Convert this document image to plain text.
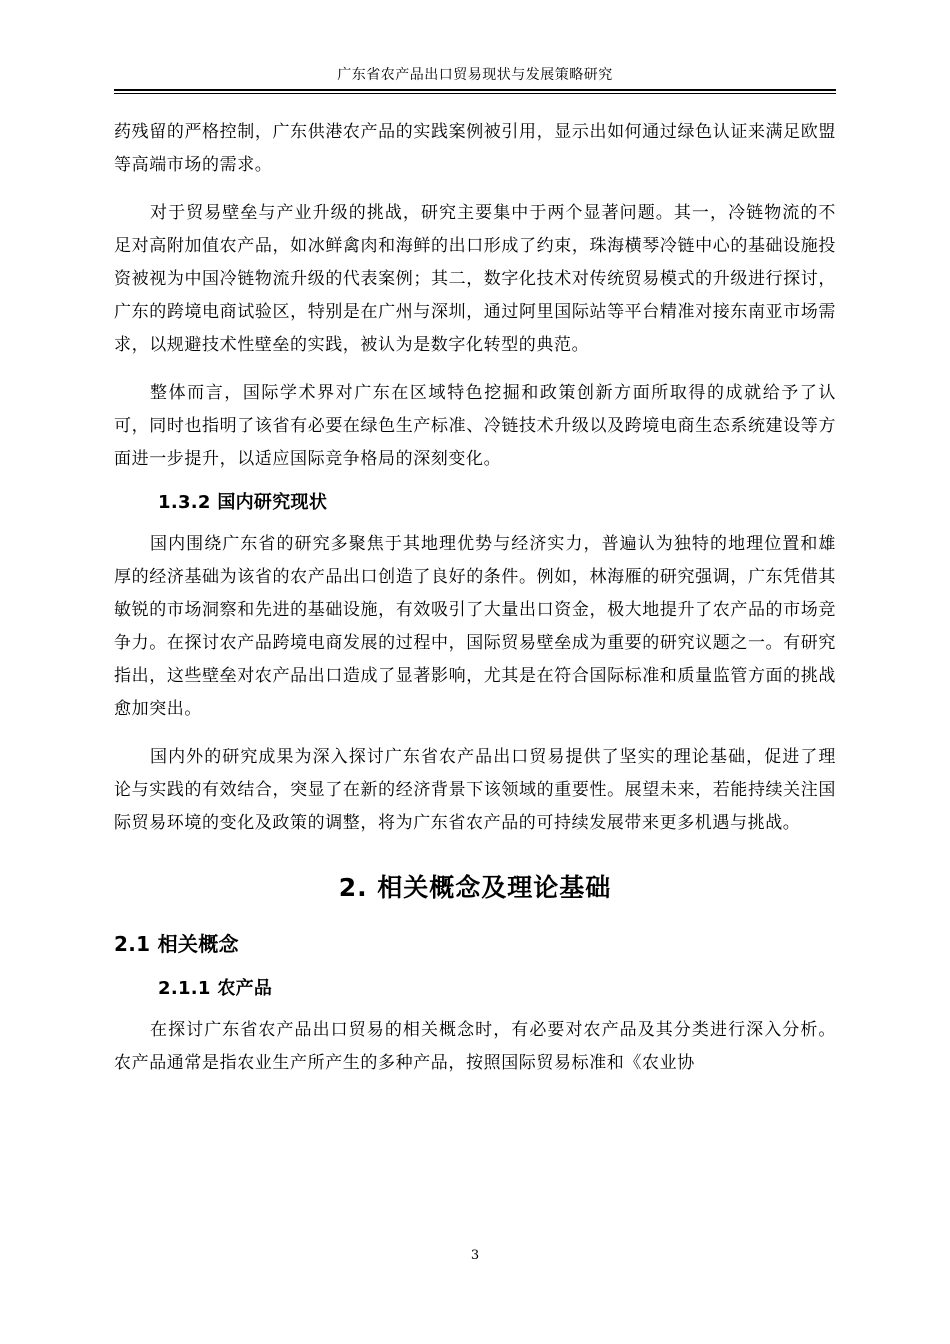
广东省农产品出口贸易现状与发展策略研究

药残留的严格控制，广东供港农产品的实践案例被引用，显示出如何通过绿色认证来满足欧盟等高端市场的需求。

对于贸易壁垒与产业升级的挑战，研究主要集中于两个显著问题。其一，冷链物流的不足对高附加值农产品，如冰鲜禽肉和海鲜的出口形成了约束，珠海横琴冷链中心的基础设施投资被视为中国冷链物流升级的代表案例；其二，数字化技术对传统贸易模式的升级进行探讨，广东的跨境电商试验区，特别是在广州与深圳，通过阿里国际站等平台精准对接东南亚市场需求，以规避技术性壁垒的实践，被认为是数字化转型的典范。

整体而言，国际学术界对广东在区域特色挖掘和政策创新方面所取得的成就给予了认可，同时也指明了该省有必要在绿色生产标准、冷链技术升级以及跨境电商生态系统建设等方面进一步提升，以适应国际竞争格局的深刻变化。

1.3.2 国内研究现状

国内围绕广东省的研究多聚焦于其地理优势与经济实力，普遍认为独特的地理位置和雄厚的经济基础为该省的农产品出口创造了良好的条件。例如，林海雁的研究强调，广东凭借其敏锐的市场洞察和先进的基础设施，有效吸引了大量出口资金，极大地提升了农产品的市场竞争力。在探讨农产品跨境电商发展的过程中，国际贸易壁垒成为重要的研究议题之一。有研究指出，这些壁垒对农产品出口造成了显著影响，尤其是在符合国际标准和质量监管方面的挑战愈加突出。

国内外的研究成果为深入探讨广东省农产品出口贸易提供了坚实的理论基础，促进了理论与实践的有效结合，突显了在新的经济背景下该领域的重要性。展望未来，若能持续关注国际贸易环境的变化及政策的调整，将为广东省农产品的可持续发展带来更多机遇与挑战。

2. 相关概念及理论基础
2.1 相关概念
2.1.1 农产品

在探讨广东省农产品出口贸易的相关概念时，有必要对农产品及其分类进行深入分析。农产品通常是指农业生产所产生的多种产品，按照国际贸易标准和《农业协

3
